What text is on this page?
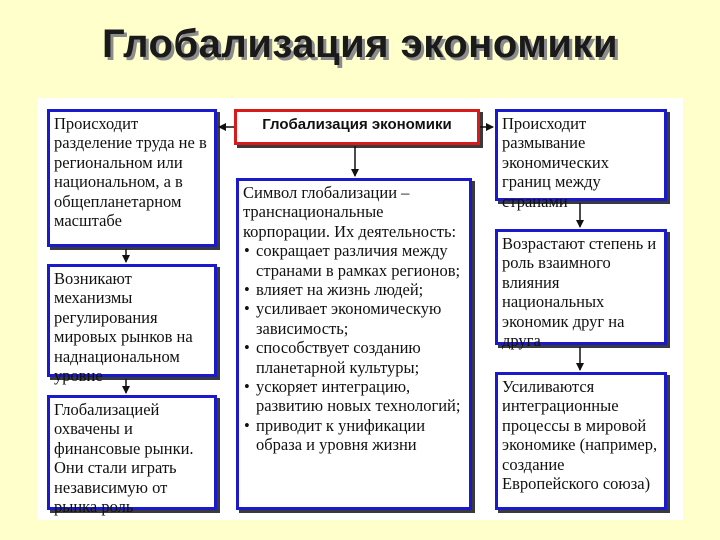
Глобализация экономики
Глобализация экономики
Символ глобализации – транснациональные корпорации. Их деятельность:
• сокращает различия между странами в рамках регионов;
• влияет на жизнь людей;
• усиливает экономическую зависимость;
• способствует созданию планетарной культуры;
• ускоряет интеграцию, развитию новых технологий;
• приводит к унификации образа и уровня жизни
Происходит разделение труда не в региональном или национальном, а в общепланетарном масштабе
Возникают механизмы регулирования мировых рынков на наднациональном уровне
Глобализацией охвачены и финансовые рынки. Они стали играть независимую от рынка роль
Происходит размывание экономических границ между странами
Возрастают степень и роль взаимного влияния национальных экономик друг на друга
Усиливаются интеграционные процессы в мировой экономике (например, создание Европейского союза)
